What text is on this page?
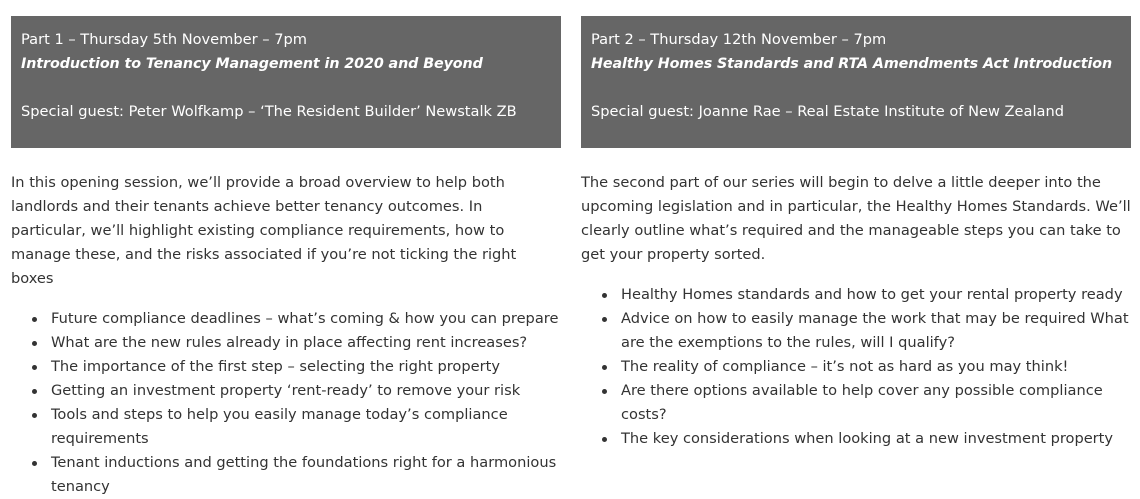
Part 1 – Thursday 5th November – 7pm
Introduction to Tenancy Management in 2020 and Beyond
Special guest: Peter Wolfkamp – ‘The Resident Builder’ Newstalk ZB

In this opening session, we’ll provide a broad overview to help both landlords and their tenants achieve better tenancy outcomes. In particular, we’ll highlight existing compliance requirements, how to manage these, and the risks associated if you’re not ticking the right boxes

Future compliance deadlines – what’s coming & how you can prepare
What are the new rules already in place affecting rent increases?
The importance of the first step – selecting the right property
Getting an investment property ‘rent-ready’ to remove your risk
Tools and steps to help you easily manage today’s compliance requirements
Tenant inductions and getting the foundations right for a harmonious tenancy
Part 2 – Thursday 12th November – 7pm
Healthy Homes Standards and RTA Amendments Act Introduction
Special guest: Joanne Rae – Real Estate Institute of New Zealand

The second part of our series will begin to delve a little deeper into the upcoming legislation and in particular, the Healthy Homes Standards. We’ll clearly outline what’s required and the manageable steps you can take to get your property sorted.

Healthy Homes standards and how to get your rental property ready
Advice on how to easily manage the work that may be required What are the exemptions to the rules, will I qualify?
The reality of compliance – it’s not as hard as you may think!
Are there options available to help cover any possible compliance costs?
The key considerations when looking at a new investment property
